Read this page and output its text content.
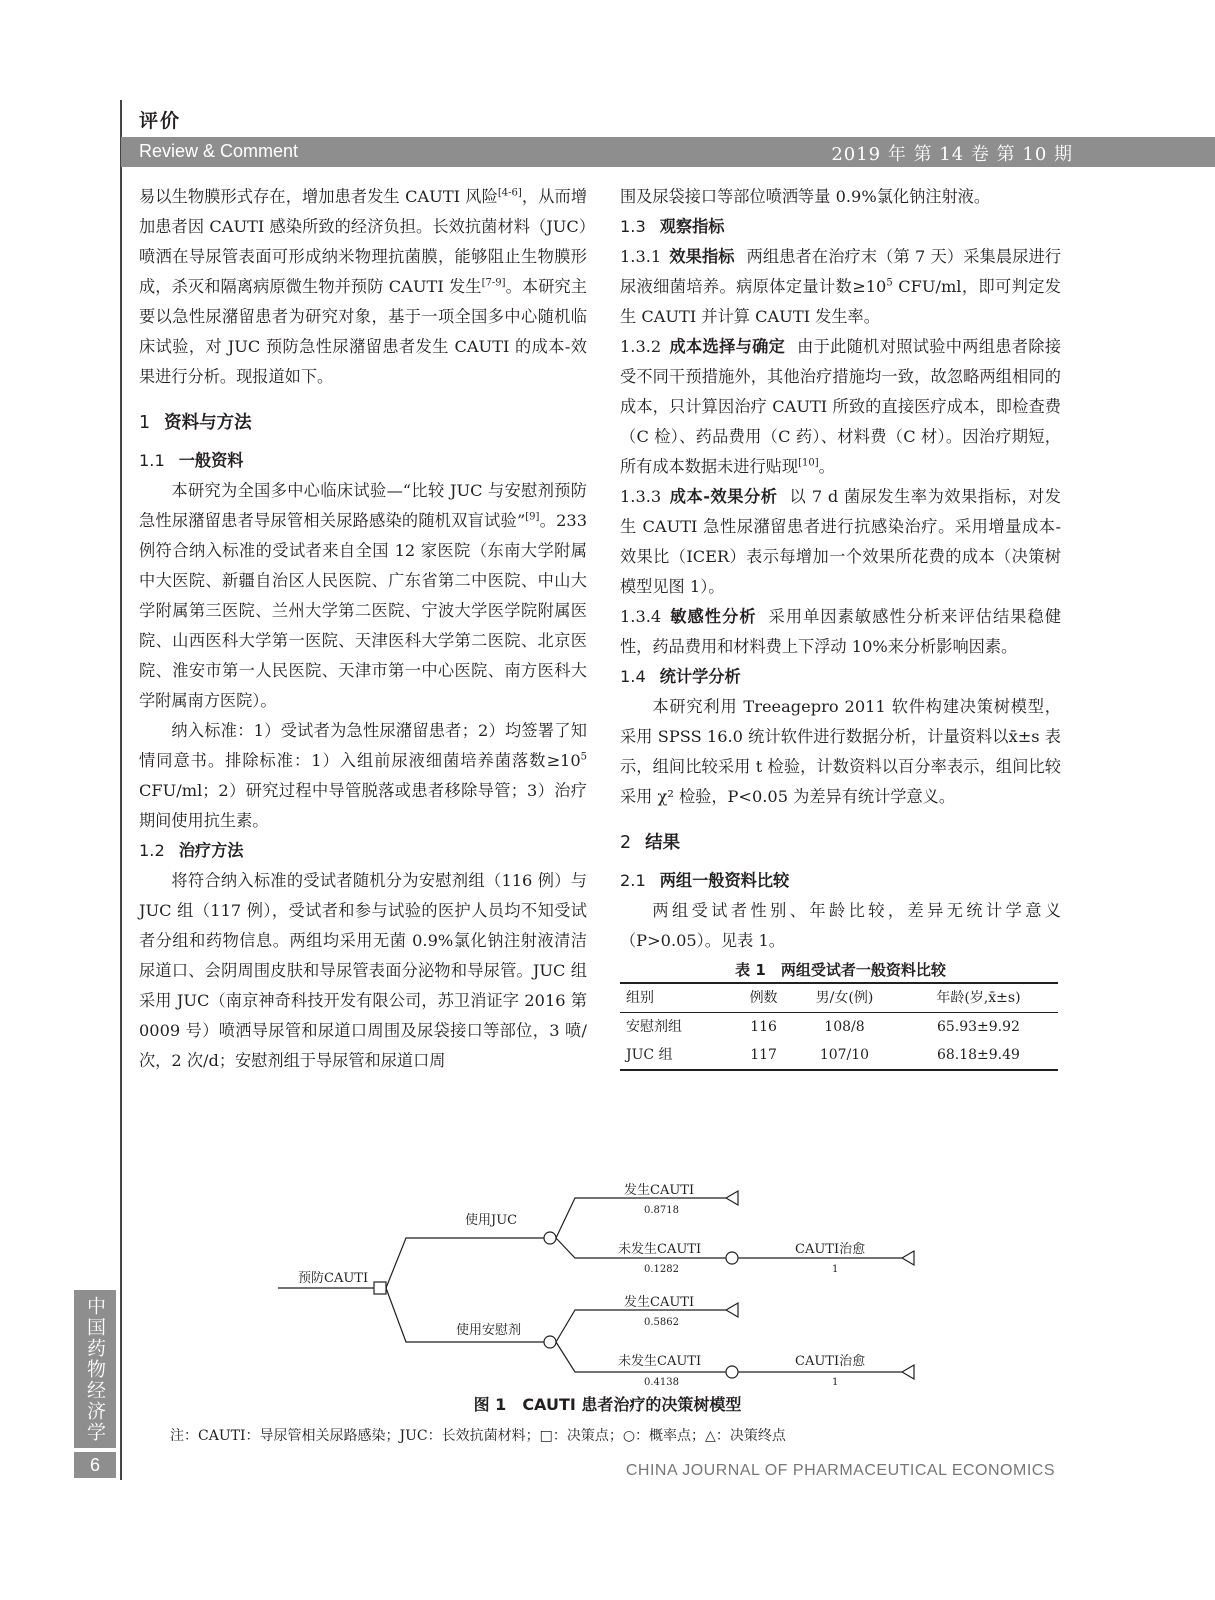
评价
Review & Comment	2019 年 第 14 卷 第 10 期

易以生物膜形式存在，增加患者发生 CAUTI 风险[4-6]，从而增加患者因 CAUTI 感染所致的经济负担。长效抗菌材料（JUC）喷洒在导尿管表面可形成纳米物理抗菌膜，能够阻止生物膜形成，杀灭和隔离病原微生物并预防 CAUTI 发生[7-9]。本研究主要以急性尿潴留患者为研究对象，基于一项全国多中心随机临床试验，对 JUC 预防急性尿潴留患者发生 CAUTI 的成本-效果进行分析。现报道如下。

1 资料与方法

1.1 一般资料

本研究为全国多中心临床试验—“比较 JUC 与安慰剂预防急性尿潴留患者导尿管相关尿路感染的随机双盲试验”[9]。233 例符合纳入标准的受试者来自全国 12 家医院（东南大学附属中大医院、新疆自治区人民医院、广东省第二中医院、中山大学附属第三医院、兰州大学第二医院、宁波大学医学院附属医院、山西医科大学第一医院、天津医科大学第二医院、北京医院、淮安市第一人民医院、天津市第一中心医院、南方医科大学附属南方医院）。

纳入标准：1）受试者为急性尿潴留患者；2）均签署了知情同意书。排除标准：1）入组前尿液细菌培养菌落数$\ge 10^5$ CFU/ml；2）研究过程中导管脱落或患者移除导管；3）治疗期间使用抗生素。

1.2 治疗方法

将符合纳入标准的受试者随机分为安慰剂组（116 例）与 JUC 组（117 例），受试者和参与试验的医护人员均不知受试者分组和药物信息。两组均采用无菌 0.9%氯化钠注射液清洁尿道口、会阴周围皮肤和导尿管表面分泌物和导尿管。JUC 组采用 JUC（南京神奇科技开发有限公司，苏卫消证字 2016 第 0009 号）喷洒导尿管和尿道口周围及尿袋接口等部位，3 喷/次，2 次/d；安慰剂组于导尿管和尿道口周

围及尿袋接口等部位喷洒等量 0.9%氯化钠注射液。

1.3 观察指标

1.3.1 效果指标 两组患者在治疗末（第 7 天）采集晨尿进行尿液细菌培养。病原体定量计数$\ge 10^5$ CFU/ml，即可判定发生 CAUTI 并计算 CAUTI 发生率。

1.3.2 成本选择与确定 由于此随机对照试验中两组患者除接受不同干预措施外，其他治疗措施均一致，故忽略两组相同的成本，只计算因治疗 CAUTI 所致的直接医疗成本，即检查费（C 检）、药品费用（C 药）、材料费（C 材）。因治疗期短，所有成本数据未进行贴现[10]。

1.3.3 成本-效果分析 以 7 d 菌尿发生率为效果指标，对发生 CAUTI 急性尿潴留患者进行抗感染治疗。采用增量成本-效果比（ICER）表示每增加一个效果所花费的成本（决策树模型见图 1）。

1.3.4 敏感性分析 采用单因素敏感性分析来评估结果稳健性，药品费用和材料费上下浮动 10%来分析影响因素。

1.4 统计学分析

本研究利用 Treeagepro 2011 软件构建决策树模型，采用 SPSS 16.0 统计软件进行数据分析，计量资料以x̄±s 表示，组间比较采用 t 检验，计数资料以百分率表示，组间比较采用 χ² 检验，P<0.05 为差异有统计学意义。

2 结果

2.1 两组一般资料比较

两组受试者性别、年龄比较，差异无统计学意义（P>0.05）。见表 1。

表 1　两组受试者一般资料比较

组别	例数	男/女(例)	年龄(岁,x̄±s)
安慰剂组	116	108/8	65.93±9.92
JUC 组	117	107/10	68.18±9.49
预防CAUTI
使用JUC
使用安慰剂
发生CAUTI
未发生CAUTI
发生CAUTI
未发生CAUTI
CAUTI治愈
CAUTI治愈
0.8718
0.1282
0.5862
0.4138
1
1
图 1　CAUTI 患者治疗的决策树模型
注：CAUTI：导尿管相关尿路感染；JUC：长效抗菌材料；□：决策点；○：概率点；△：决策终点
中国药物经济学
6	CHINA JOURNAL OF PHARMACEUTICAL ECONOMICS
